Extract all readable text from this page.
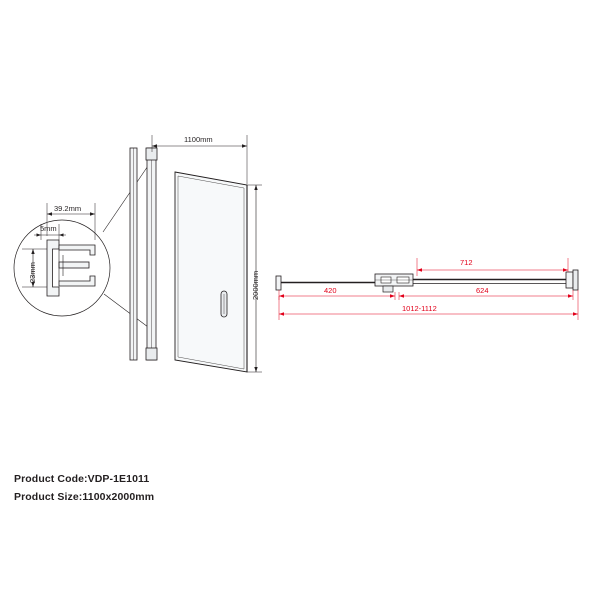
39.2mm
5mm
23mm
1100mm
2000mm
712
420	624
1012-1112
Product Code:VDP-1E1011
Product Size:1100x2000mm
